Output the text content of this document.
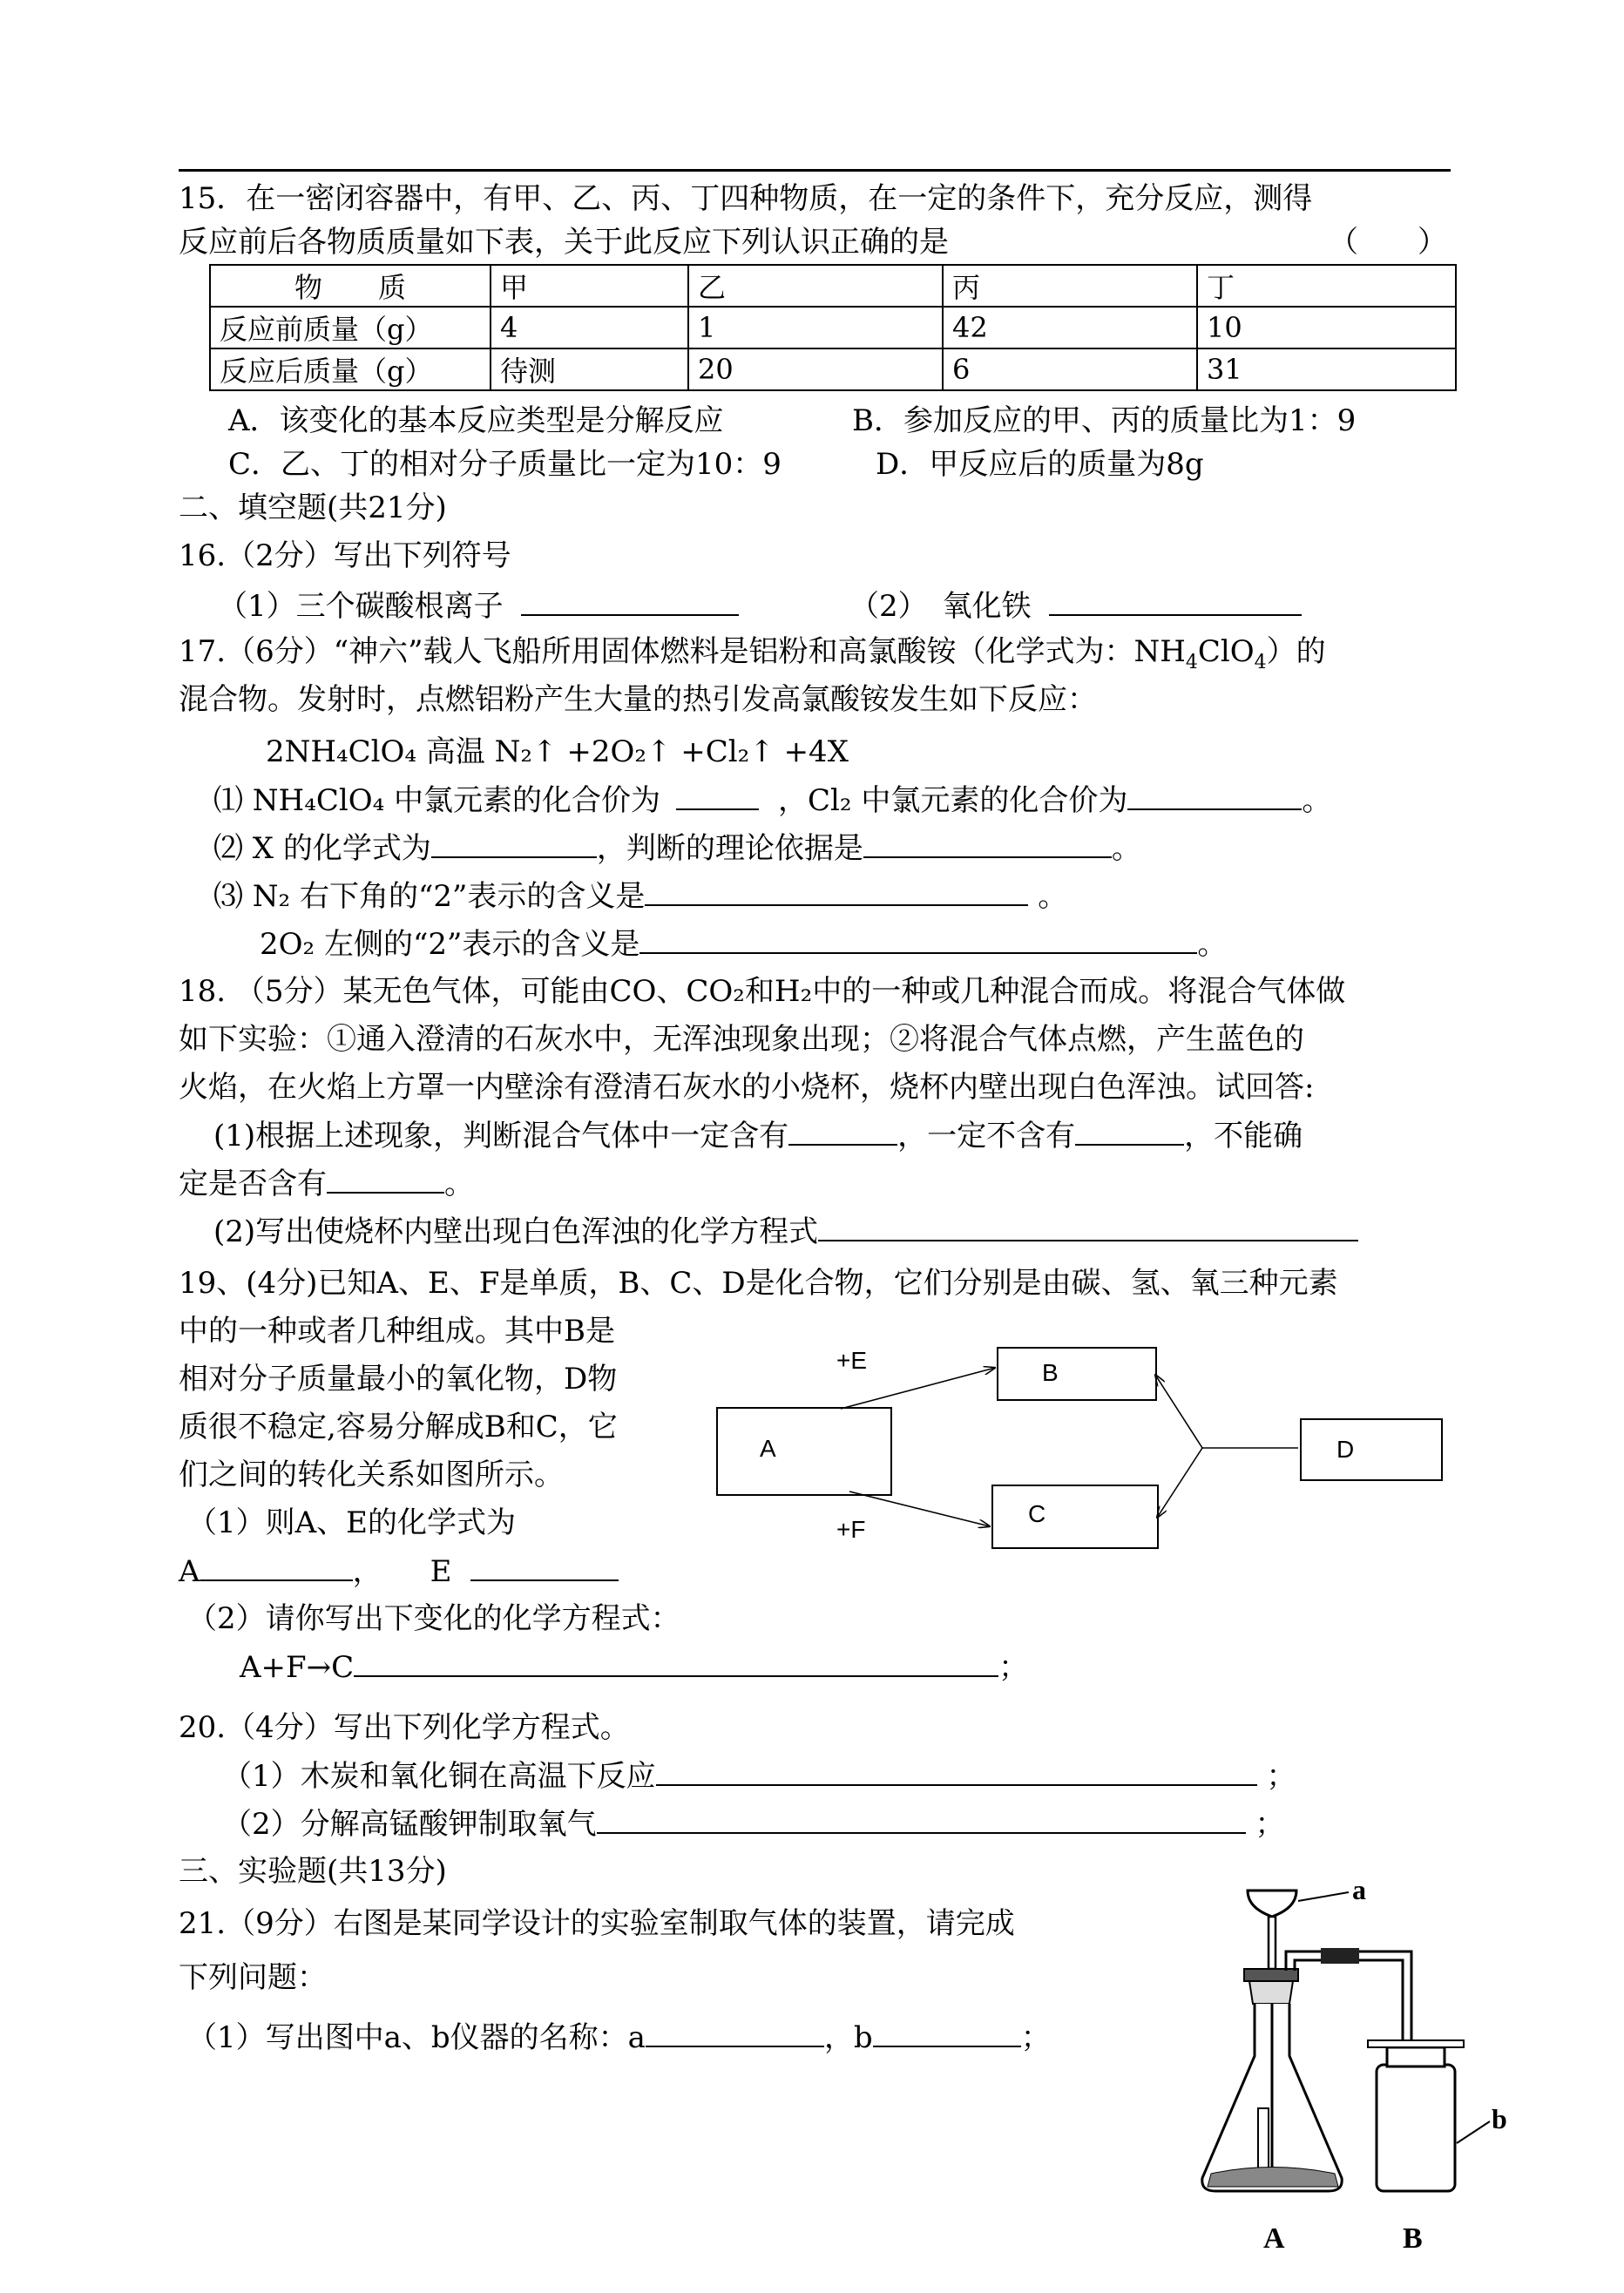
15．在一密闭容器中，有甲、乙、丙、丁四种物质，在一定的条件下，充分反应，测得
反应前后各物质质量如下表，关于此反应下列认识正确的是	（　　）
物　　质	甲	乙	丙	丁
反应前质量（g）	4	1	42	10
反应后质量（g）	待测	20	6	31
A．该变化的基本反应类型是分解反应	B．参加反应的甲、丙的质量比为1：9
C．乙、丁的相对分子质量比一定为10：9	D．甲反应后的质量为8g
二、填空题(共21分)
16.（2分）写出下列符号
（1）三个碳酸根离子	（2）　氧化铁
17.（6分）“神六”载人飞船所用固体燃料是铝粉和高氯酸铵（化学式为：$NH_4ClO_4$）的
混合物。发射时，点燃铝粉产生大量的热引发高氯酸铵发生如下反应：
2NH₄ClO₄ 高温 N₂↑ +2O₂↑ +Cl₂↑ +4X
⑴ NH₄ClO₄ 中氯元素的化合价为	，Cl₂ 中氯元素的化合价为	。
⑵ X 的化学式为	，判断的理论依据是	。
⑶ N₂ 右下角的“2”表示的含义是	。
2O₂ 左侧的“2”表示的含义是	。
18. （5分）某无色气体，可能由CO、CO₂和H₂中的一种或几种混合而成。将混合气体做
如下实验：①通入澄清的石灰水中，无浑浊现象出现；②将混合气体点燃，产生蓝色的
火焰，在火焰上方罩一内壁涂有澄清石灰水的小烧杯，烧杯内壁出现白色浑浊。试回答:
(1)根据上述现象，判断混合气体中一定含有	，一定不含有	，不能确
定是否含有	。
(2)写出使烧杯内壁出现白色浑浊的化学方程式
19、(4分)已知A、E、F是单质，B、C、D是化合物，它们分别是由碳、氢、氧三种元素
中的一种或者几种组成。其中B是
相对分子质量最小的氧化物，D物
质很不稳定,容易分解成B和C，它
们之间的转化关系如图所示。
（1）则A、E的化学式为
A	， E
（2）请你写出下变化的化学方程式：
A+F→C	；
A
B
C
D
+E
+F
20.（4分）写出下列化学方程式。
（1）木炭和氧化铜在高温下反应	；
（2）分解高锰酸钾制取氧气	；
三、实验题(共13分)
21.（9分）右图是某同学设计的实验室制取气体的装置，请完成
下列问题：
（1）写出图中a、b仪器的名称：a	，b	；
a
b
A	B
